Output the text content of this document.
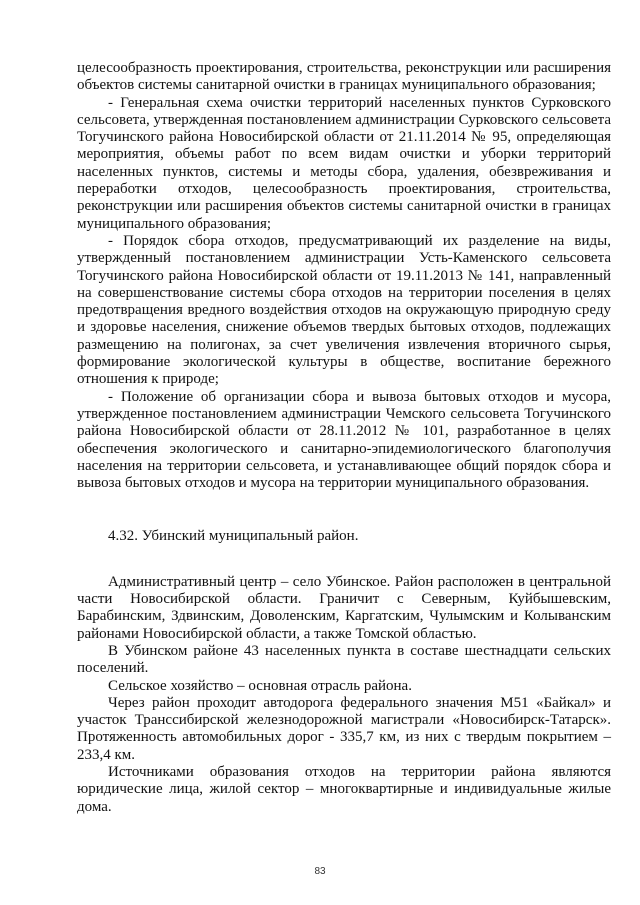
целесообразность проектирования, строительства, реконструкции или расширения объектов системы санитарной очистки в границах муниципального образования;

- Генеральная схема очистки территорий населенных пунктов Сурковского сельсовета, утвержденная постановлением администрации Сурковского сельсовета Тогучинского района Новосибирской области от 21.11.2014 № 95, определяющая мероприятия, объемы работ по всем видам очистки и уборки территорий населенных пунктов, системы и методы сбора, удаления, обезвреживания и переработки отходов, целесообразность проектирования, строительства, реконструкции или расширения объектов системы санитарной очистки в границах муниципального образования;

- Порядок сбора отходов, предусматривающий их разделение на виды, утвержденный постановлением администрации Усть-Каменского сельсовета Тогучинского района Новосибирской области от 19.11.2013 № 141, направленный на совершенствование системы сбора отходов на территории поселения в целях предотвращения вредного воздействия отходов на окружающую природную среду и здоровье населения, снижение объемов твердых бытовых отходов, подлежащих размещению на полигонах, за счет увеличения извлечения вторичного сырья, формирование экологической культуры в обществе, воспитание бережного отношения к природе;

- Положение об организации сбора и вывоза бытовых отходов и мусора, утвержденное постановлением администрации Чемского сельсовета Тогучинского района Новосибирской области от 28.11.2012 № 101, разработанное в целях обеспечения экологического и санитарно-эпидемиологического благополучия населения на территории сельсовета, и устанавливающее общий порядок сбора и вывоза бытовых отходов и мусора на территории муниципального образования.

4.32. Убинский муниципальный район.

Административный центр – село Убинское. Район расположен в центральной части Новосибирской области. Граничит с Северным, Куйбышевским, Барабинским, Здвинским, Доволенским, Каргатским, Чулымским и Колыванским районами Новосибирской области, а также Томской областью.

В Убинском районе 43 населенных пункта в составе шестнадцати сельских поселений.

Сельское хозяйство – основная отрасль района.

Через район проходит автодорога федерального значения М51 «Байкал» и участок Транссибирской железнодорожной магистрали «Новосибирск-Татарск». Протяженность автомобильных дорог - 335,7 км, из них с твердым покрытием – 233,4 км.

Источниками образования отходов на территории района являются юридические лица, жилой сектор – многоквартирные и индивидуальные жилые дома.

83
